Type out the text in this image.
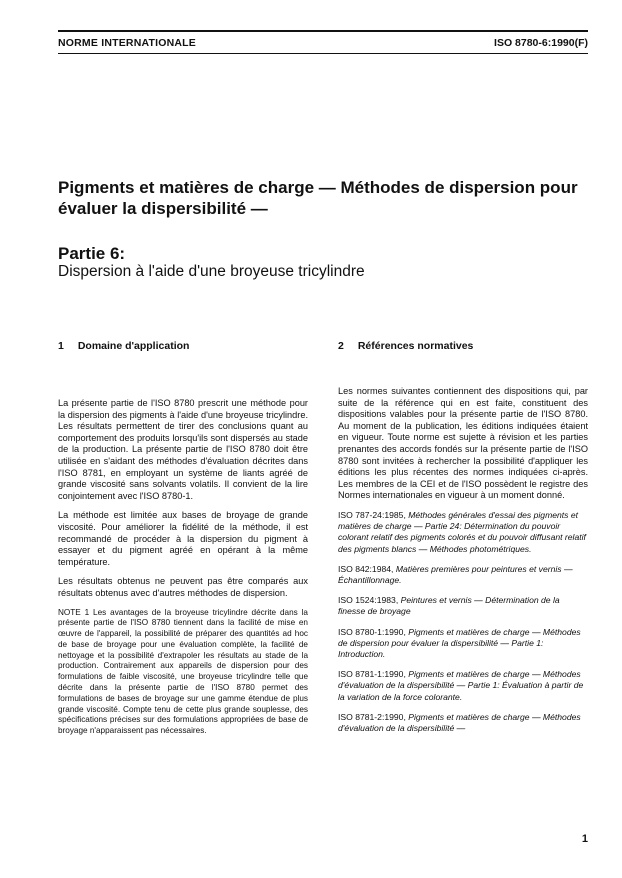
NORME INTERNATIONALE	ISO 8780-6:1990(F)
Pigments et matières de charge — Méthodes de dispersion pour évaluer la dispersibilité —
Partie 6:
Dispersion à l'aide d'une broyeuse tricylindre
1 Domaine d'application

La présente partie de l'ISO 8780 prescrit une méthode pour la dispersion des pigments à l'aide d'une broyeuse tricylindre. Les résultats permettent de tirer des conclusions quant au comportement des produits lorsqu'ils sont dispersés au stade de la production. La présente partie de l'ISO 8780 doit être utilisée en s'aidant des méthodes d'évaluation décrites dans l'ISO 8781, en employant un système de liants agréé de grande viscosité sans solvants volatils. Il convient de la lire conjointement avec l'ISO 8780-1.

La méthode est limitée aux bases de broyage de grande viscosité. Pour améliorer la fidélité de la méthode, il est recommandé de procéder à la dispersion du pigment à essayer et du pigment agréé en opérant à la même température.

Les résultats obtenus ne peuvent pas être comparés aux résultats obtenus avec d'autres méthodes de dispersion.

NOTE 1 Les avantages de la broyeuse tricylindre décrite dans la présente partie de l'ISO 8780 tiennent dans la facilité de mise en œuvre de l'appareil, la possibilité de préparer des quantités ad hoc de base de broyage pour une évaluation complète, la facilité de nettoyage et la possibilité d'extrapoler les résultats au stade de la production. Contrairement aux appareils de dispersion pour des formulations de faible viscosité, une broyeuse tricylindre telle que décrite dans la présente partie de l'ISO 8780 permet des formulations de bases de broyage sur une gamme étendue de plus grande viscosité. Compte tenu de cette plus grande souplesse, des spécifications précises sur des formulations appropriées de base de broyage n'apparaissent pas nécessaires.

2 Références normatives

Les normes suivantes contiennent des dispositions qui, par suite de la référence qui en est faite, constituent des dispositions valables pour la présente partie de l'ISO 8780. Au moment de la publication, les éditions indiquées étaient en vigueur. Toute norme est sujette à révision et les parties prenantes des accords fondés sur la présente partie de l'ISO 8780 sont invitées à rechercher la possibilité d'appliquer les éditions les plus récentes des normes indiquées ci-après. Les membres de la CEI et de l'ISO possèdent le registre des Normes internationales en vigueur à un moment donné.

ISO 787-24:1985, Méthodes générales d'essai des pigments et matières de charge — Partie 24: Détermination du pouvoir colorant relatif des pigments colorés et du pouvoir diffusant relatif des pigments blancs — Méthodes photométriques.

ISO 842:1984, Matières premières pour peintures et vernis — Échantillonnage.

ISO 1524:1983, Peintures et vernis — Détermination de la finesse de broyage

ISO 8780-1:1990, Pigments et matières de charge — Méthodes de dispersion pour évaluer la dispersibilité — Partie 1: Introduction.

ISO 8781-1:1990, Pigments et matières de charge — Méthodes d'évaluation de la dispersibilité — Partie 1: Évaluation à partir de la variation de la force colorante.

ISO 8781-2:1990, Pigments et matières de charge — Méthodes d'évaluation de la dispersibilité —

1
